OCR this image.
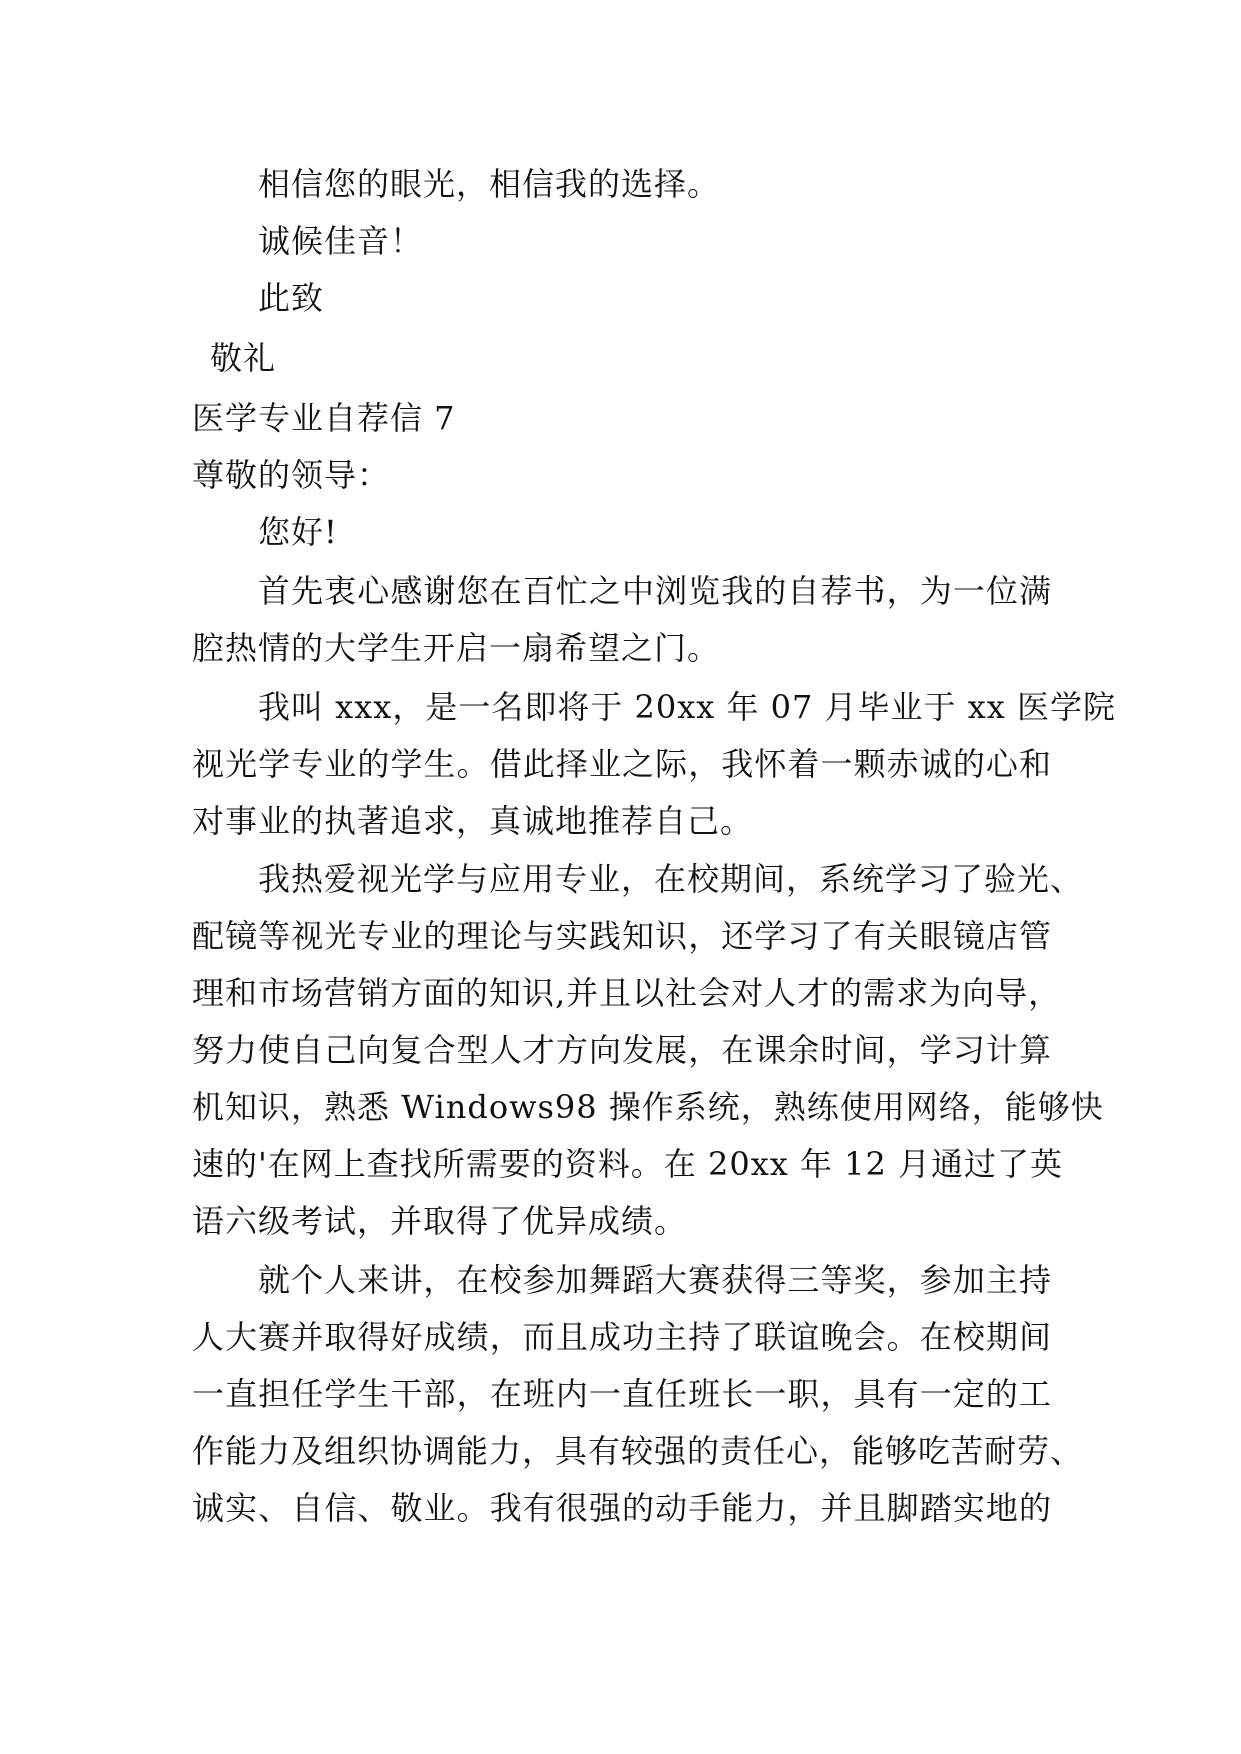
相信您的眼光，相信我的选择。
诚候佳音！
此致
敬礼
医学专业自荐信 7
尊敬的领导：
您好!
首先衷心感谢您在百忙之中浏览我的自荐书，为一位满
腔热情的大学生开启一扇希望之门。
我叫 xxx，是一名即将于 20xx 年 07 月毕业于 xx 医学院
视光学专业的学生。借此择业之际，我怀着一颗赤诚的心和
对事业的执著追求，真诚地推荐自己。
我热爱视光学与应用专业，在校期间，系统学习了验光、
配镜等视光专业的理论与实践知识，还学习了有关眼镜店管
理和市场营销方面的知识,并且以社会对人才的需求为向导，
努力使自己向复合型人才方向发展，在课余时间，学习计算
机知识，熟悉 Windows98 操作系统，熟练使用网络，能够快
速的'在网上查找所需要的资料。在 20xx 年 12 月通过了英
语六级考试，并取得了优异成绩。
就个人来讲，在校参加舞蹈大赛获得三等奖，参加主持
人大赛并取得好成绩，而且成功主持了联谊晚会。在校期间
一直担任学生干部，在班内一直任班长一职，具有一定的工
作能力及组织协调能力，具有较强的责任心，能够吃苦耐劳、
诚实、自信、敬业。我有很强的动手能力，并且脚踏实地的
